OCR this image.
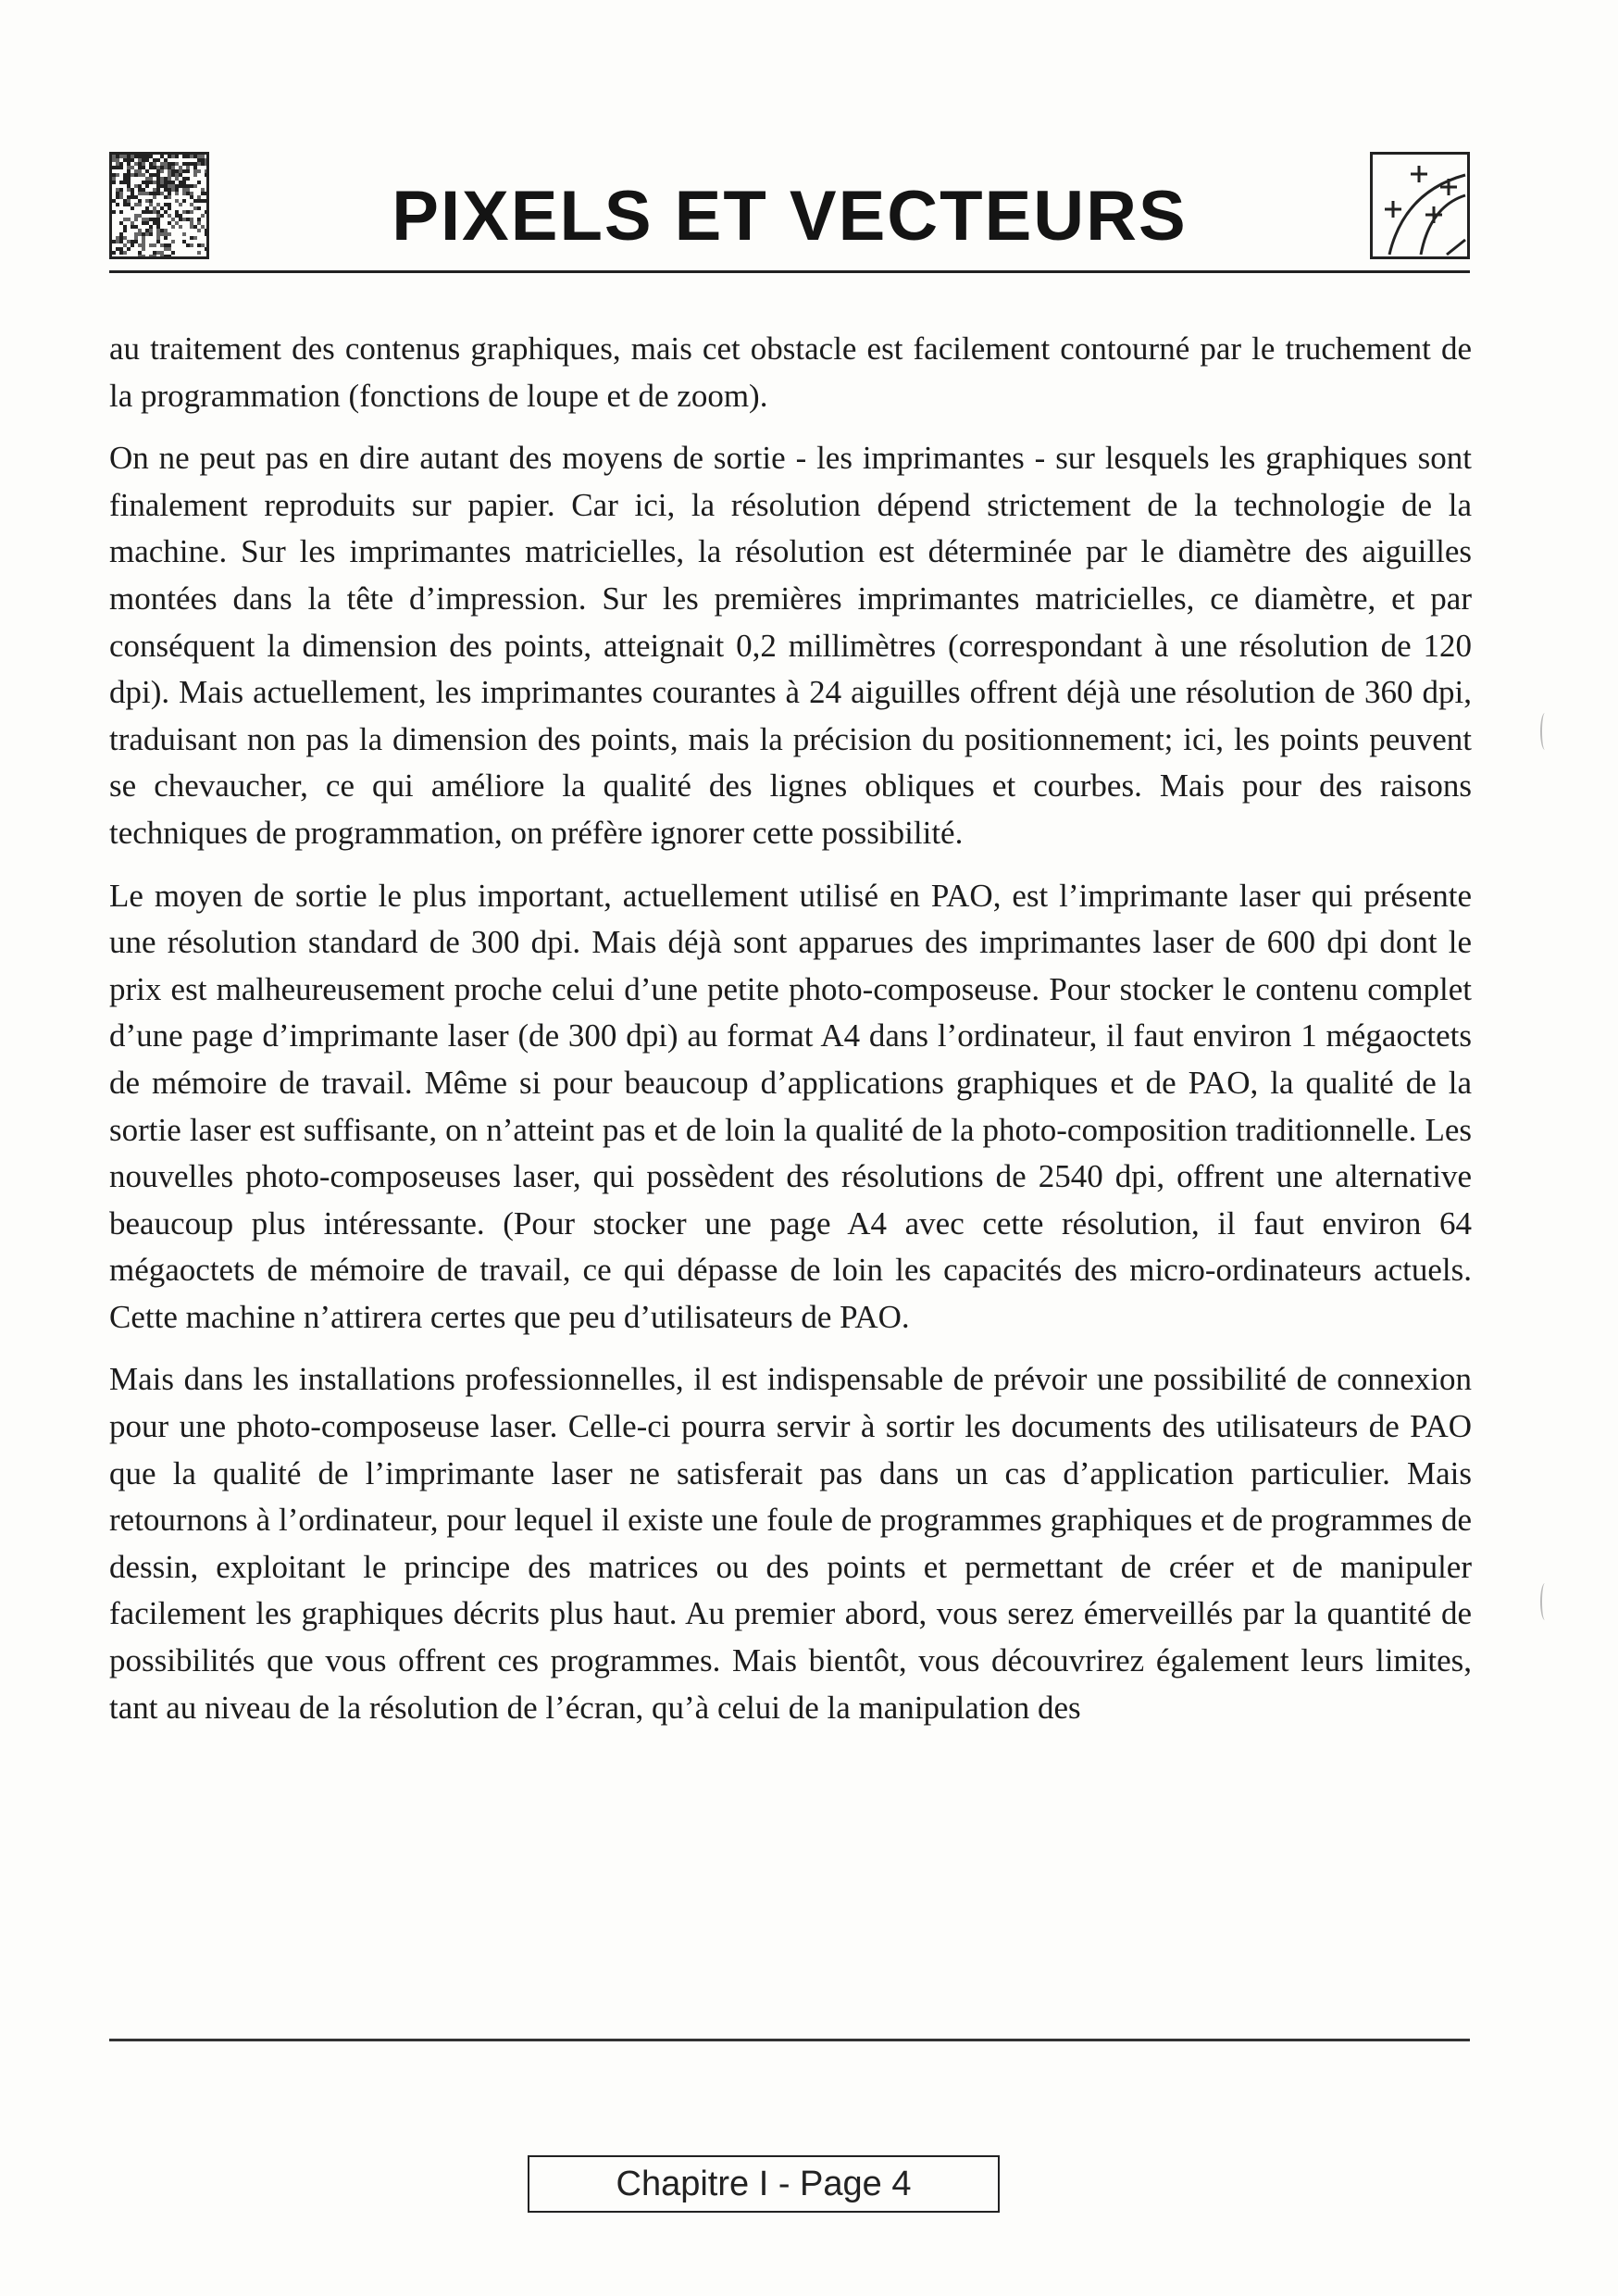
PIXELS ET VECTEURS

au traitement des contenus graphiques, mais cet obstacle est facilement contourné par le truchement de la programmation (fonctions de loupe et de zoom).

On ne peut pas en dire autant des moyens de sortie - les imprimantes - sur lesquels les graphiques sont finalement reproduits sur papier. Car ici, la résolution dépend strictement de la technologie de la machine. Sur les imprimantes matricielles, la résolution est déterminée par le diamètre des aiguilles montées dans la tête d’impression. Sur les premières imprimantes matricielles, ce diamètre, et par conséquent la dimension des points, atteignait 0,2 millimètres (correspondant à une résolution de 120 dpi). Mais actuellement, les imprimantes courantes à 24 aiguilles offrent déjà une résolution de 360 dpi, traduisant non pas la dimension des points, mais la précision du positionnement; ici, les points peuvent se chevaucher, ce qui améliore la qualité des lignes obliques et courbes. Mais pour des raisons techniques de programmation, on préfère ignorer cette possibilité.

Le moyen de sortie le plus important, actuellement utilisé en PAO, est l’imprimante laser qui présente une résolution standard de 300 dpi. Mais déjà sont apparues des imprimantes laser de 600 dpi dont le prix est malheureusement proche celui d’une petite photo-composeuse. Pour stocker le contenu complet d’une page d’imprimante laser (de 300 dpi) au format A4 dans l’ordinateur, il faut environ 1 mégaoctets de mémoire de travail. Même si pour beaucoup d’applications graphiques et de PAO, la qualité de la sortie laser est suffisante, on n’atteint pas et de loin la qualité de la photo-composition traditionnelle. Les nouvelles photo-composeuses laser, qui possèdent des résolutions de 2540 dpi, offrent une alternative beaucoup plus intéressante. (Pour stocker une page A4 avec cette résolution, il faut environ 64 mégaoctets de mémoire de travail, ce qui dépasse de loin les capacités des micro-ordinateurs actuels. Cette machine n’attirera certes que peu d’utilisateurs de PAO.

Mais dans les installations professionnelles, il est indispensable de prévoir une possibilité de connexion pour une photo-composeuse laser. Celle-ci pourra servir à sortir les documents des utilisateurs de PAO que la qualité de l’imprimante laser ne satisferait pas dans un cas d’application particulier. Mais retournons à l’ordinateur, pour lequel il existe une foule de programmes graphiques et de programmes de dessin, exploitant le principe des matrices ou des points et permettant de créer et de manipuler facilement les graphiques décrits plus haut. Au premier abord, vous serez émerveillés par la quantité de possibilités que vous offrent ces programmes. Mais bientôt, vous découvrirez également leurs limites, tant au niveau de la résolution de l’écran, qu’à celui de la manipulation des

Chapitre I - Page 4
